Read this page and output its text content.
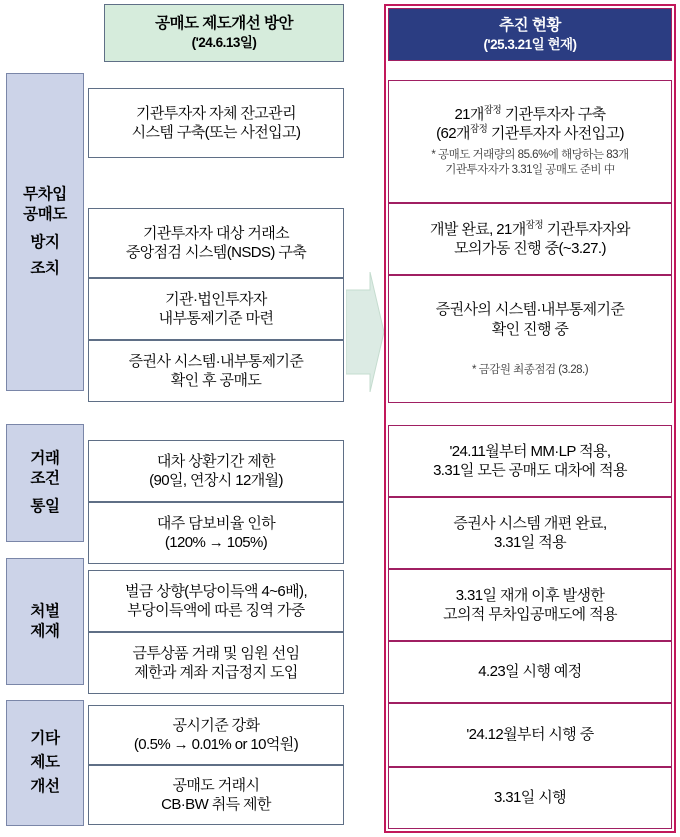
공매도 제도개선 방안
('24.6.13일)
추진 현황
('25.3.21일 현재)
무차입
공매도
방지
조치
거래
조건
통일
처벌
제재
기타
제도
개선
기관투자자 자체 잔고관리
시스템 구축(또는 사전입고)
기관투자자 대상 거래소
중앙점검 시스템(NSDS) 구축
기관·법인투자자
내부통제기준 마련
증권사 시스템·내부통제기준
확인 후 공매도
대차 상환기간 제한
(90일, 연장시 12개월)
대주 담보비율 인하
(120% → 105%)
벌금 상향(부당이득액 4~6배),
부당이득액에 따른 징역 가중
금투상품 거래 및 임원 선임
제한과 계좌 지급정지 도입
공시기준 강화
(0.5% → 0.01% or 10억원)
공매도 거래시
CB·BW 취득 제한
21개$^{잠정}$ 기관투자자 구축
(62개$^{잠정}$ 기관투자자 사전입고)
* 공매도 거래량의 85.6%에 해당하는 83개
기관투자자가 3.31일 공매도 준비 中
개발 완료, 21개$^{잠정}$ 기관투자자와
모의가동 진행 중(~3.27.)
증권사의 시스템·내부통제기준
확인 진행 중
* 금감원 최종점검 (3.28.)
'24.11월부터 MM·LP 적용,
3.31일 모든 공매도 대차에 적용
증권사 시스템 개편 완료,
3.31일 적용
3.31일 재개 이후 발생한
고의적 무차입공매도에 적용
4.23일 시행 예정
'24.12월부터 시행 중
3.31일 시행
